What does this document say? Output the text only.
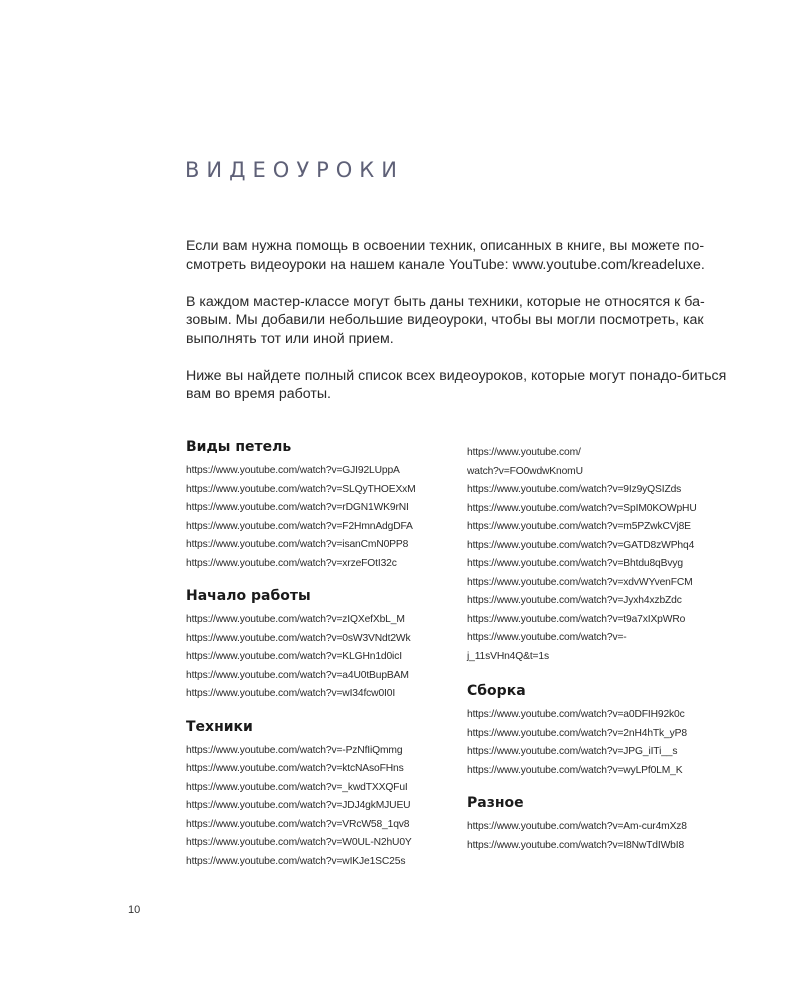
ВИДЕОУРОКИ

Если вам нужна помощь в освоении техник, описанных в книге, вы можете по-смотреть видеоуроки на нашем канале YouTube: www.youtube.com/kreadeluxe.

В каждом мастер-классе могут быть даны техники, которые не относятся к ба-зовым. Мы добавили небольшие видеоуроки, чтобы вы могли посмотреть, как выполнять тот или иной прием.

Ниже вы найдете полный список всех видеоуроков, которые могут понадо-биться вам во время работы.

Виды петель
https://www.youtube.com/watch?v=GJI92LUppA
https://www.youtube.com/watch?v=SLQyTHOEXxM
https://www.youtube.com/watch?v=rDGN1WK9rNI
https://www.youtube.com/watch?v=F2HmnAdgDFA
https://www.youtube.com/watch?v=isanCmN0PP8
https://www.youtube.com/watch?v=xrzeFOtI32c
Начало работы
https://www.youtube.com/watch?v=zIQXefXbL_M
https://www.youtube.com/watch?v=0sW3VNdt2Wk
https://www.youtube.com/watch?v=KLGHn1d0icI
https://www.youtube.com/watch?v=a4U0tBupBAM
https://www.youtube.com/watch?v=wI34fcw0I0I
Техники
https://www.youtube.com/watch?v=-PzNfIiQmmg
https://www.youtube.com/watch?v=ktcNAsoFHns
https://www.youtube.com/watch?v=_kwdTXXQFuI
https://www.youtube.com/watch?v=JDJ4gkMJUEU
https://www.youtube.com/watch?v=VRcW58_1qv8
https://www.youtube.com/watch?v=W0UL-N2hU0Y
https://www.youtube.com/watch?v=wIKJe1SC25s
https://www.youtube.com/
watch?v=FO0wdwKnomU
https://www.youtube.com/watch?v=9Iz9yQSIZds
https://www.youtube.com/watch?v=SpIM0KOWpHU
https://www.youtube.com/watch?v=m5PZwkCVj8E
https://www.youtube.com/watch?v=GATD8zWPhq4
https://www.youtube.com/watch?v=Bhtdu8qBvyg
https://www.youtube.com/watch?v=xdvWYvenFCM
https://www.youtube.com/watch?v=Jyxh4xzbZdc
https://www.youtube.com/watch?v=t9a7xIXpWRo
https://www.youtube.com/watch?v=-
j_11sVHn4Q&t=1s
Сборка
https://www.youtube.com/watch?v=a0DFIH92k0c
https://www.youtube.com/watch?v=2nH4hTk_yP8
https://www.youtube.com/watch?v=JPG_iITi__s
https://www.youtube.com/watch?v=wyLPf0LM_K
Разное
https://www.youtube.com/watch?v=Am-cur4mXz8
https://www.youtube.com/watch?v=I8NwTdIWbI8
10
